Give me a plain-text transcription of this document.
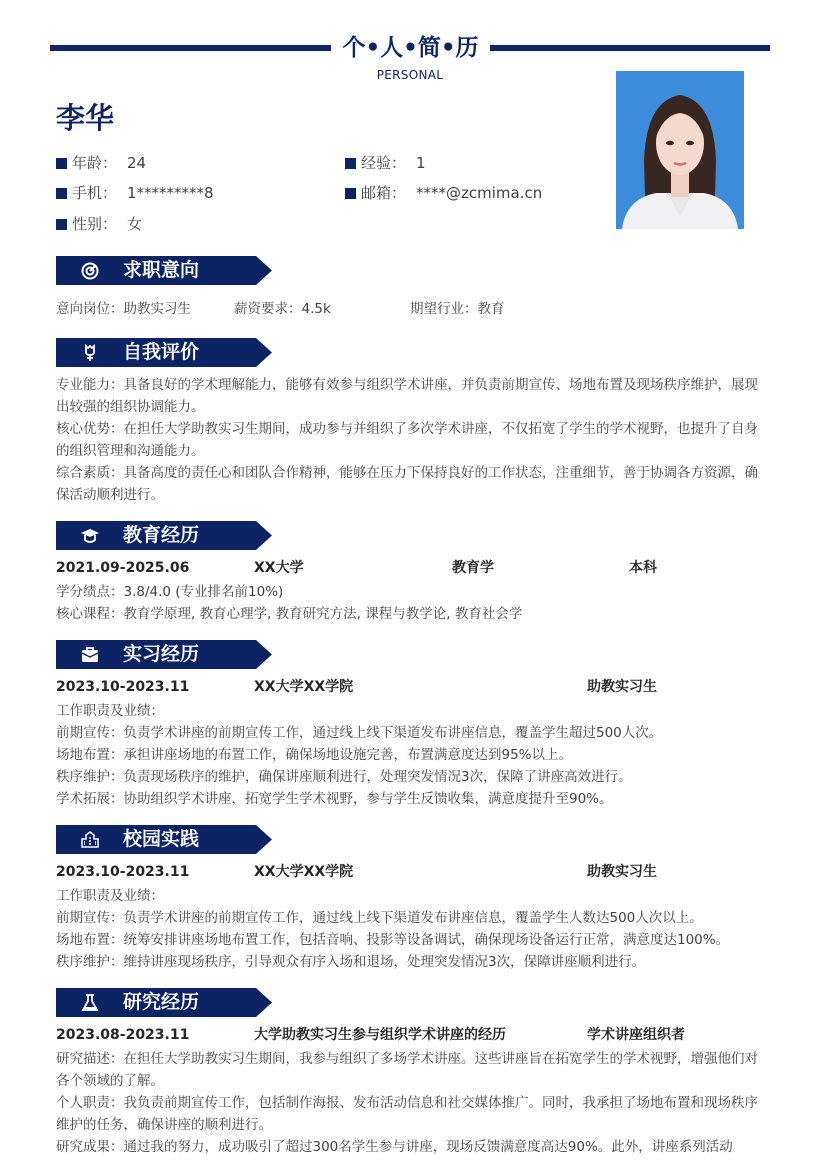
个•人•简•历
PERSONAL
李华
年龄： 24	经验： 1
手机： 1*********8	邮箱： ****@zcmima.cn
性别： 女
求职意向
意向岗位：助教实习生	薪资要求：4.5k	期望行业：教育
自我评价
专业能力：具备良好的学术理解能力，能够有效参与组织学术讲座，并负责前期宣传、场地布置及现场秩序维护，展现出较强的组织协调能力。
核心优势：在担任大学助教实习生期间，成功参与并组织了多次学术讲座，不仅拓宽了学生的学术视野，也提升了自身的组织管理和沟通能力。
综合素质：具备高度的责任心和团队合作精神，能够在压力下保持良好的工作状态，注重细节，善于协调各方资源，确保活动顺利进行。
教育经历
2021.09-2025.06	XX大学	教育学	本科
学分绩点：3.8/4.0 (专业排名前10%)
核心课程：教育学原理, 教育心理学, 教育研究方法, 课程与教学论, 教育社会学
实习经历
2023.10-2023.11	XX大学XX学院	助教实习生
工作职责及业绩：
前期宣传：负责学术讲座的前期宣传工作，通过线上线下渠道发布讲座信息，覆盖学生超过500人次。
场地布置：承担讲座场地的布置工作，确保场地设施完善，布置满意度达到95%以上。
秩序维护：负责现场秩序的维护，确保讲座顺利进行，处理突发情况3次，保障了讲座高效进行。
学术拓展：协助组织学术讲座，拓宽学生学术视野，参与学生反馈收集，满意度提升至90%。
校园实践
2023.10-2023.11	XX大学XX学院	助教实习生
工作职责及业绩：
前期宣传：负责学术讲座的前期宣传工作，通过线上线下渠道发布讲座信息，覆盖学生人数达500人次以上。
场地布置：统筹安排讲座场地布置工作，包括音响、投影等设备调试，确保现场设备运行正常，满意度达100%。
秩序维护：维持讲座现场秩序，引导观众有序入场和退场，处理突发情况3次，保障讲座顺利进行。
研究经历
2023.08-2023.11	大学助教实习生参与组织学术讲座的经历	学术讲座组织者
研究描述：在担任大学助教实习生期间，我参与组织了多场学术讲座。这些讲座旨在拓宽学生的学术视野，增强他们对各个领域的了解。
个人职责：我负责前期宣传工作，包括制作海报、发布活动信息和社交媒体推广。同时，我承担了场地布置和现场秩序维护的任务，确保讲座的顺利进行。
研究成果：通过我的努力，成功吸引了超过300名学生参与讲座，现场反馈满意度高达90%。此外，讲座系列活动
